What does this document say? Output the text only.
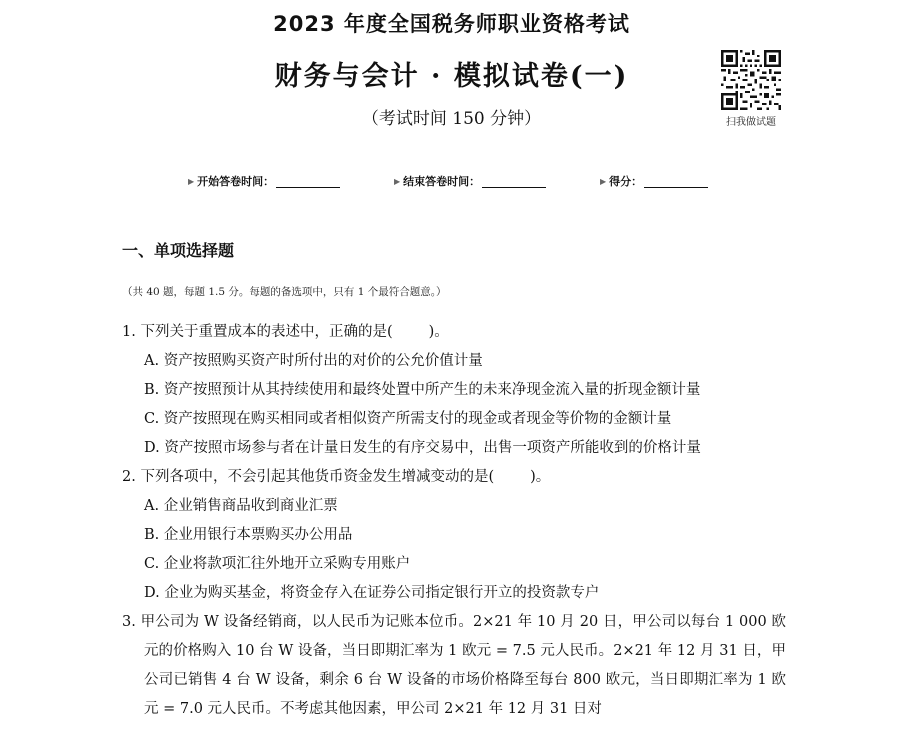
2023 年度全国税务师职业资格考试
财务与会计 · 模拟试卷(一)
（考试时间 150 分钟）	扫我做试题
▶ 开始答卷时间：	▶ 结束答卷时间：	▶ 得分：
一、单项选择题
（共 40 题，每题 1.5 分。每题的备选项中，只有 1 个最符合题意。）

1. 下列关于重置成本的表述中，正确的是( )。

A. 资产按照购买资产时所付出的对价的公允价值计量

B. 资产按照预计从其持续使用和最终处置中所产生的未来净现金流入量的折现金额计量

C. 资产按照现在购买相同或者相似资产所需支付的现金或者现金等价物的金额计量

D. 资产按照市场参与者在计量日发生的有序交易中，出售一项资产所能收到的价格计量

2. 下列各项中，不会引起其他货币资金发生增减变动的是( )。

A. 企业销售商品收到商业汇票

B. 企业用银行本票购买办公用品

C. 企业将款项汇往外地开立采购专用账户

D. 企业为购买基金，将资金存入在证券公司指定银行开立的投资款专户

3. 甲公司为 W 设备经销商，以人民币为记账本位币。2×21 年 10 月 20 日，甲公司以每台 1 000 欧元的价格购入 10 台 W 设备，当日即期汇率为 1 欧元 = 7.5 元人民币。2×21 年 12 月 31 日，甲公司已销售 4 台 W 设备，剩余 6 台 W 设备的市场价格降至每台 800 欧元，当日即期汇率为 1 欧元 = 7.0 元人民币。不考虑其他因素，甲公司 2×21 年 12 月 31 日对
